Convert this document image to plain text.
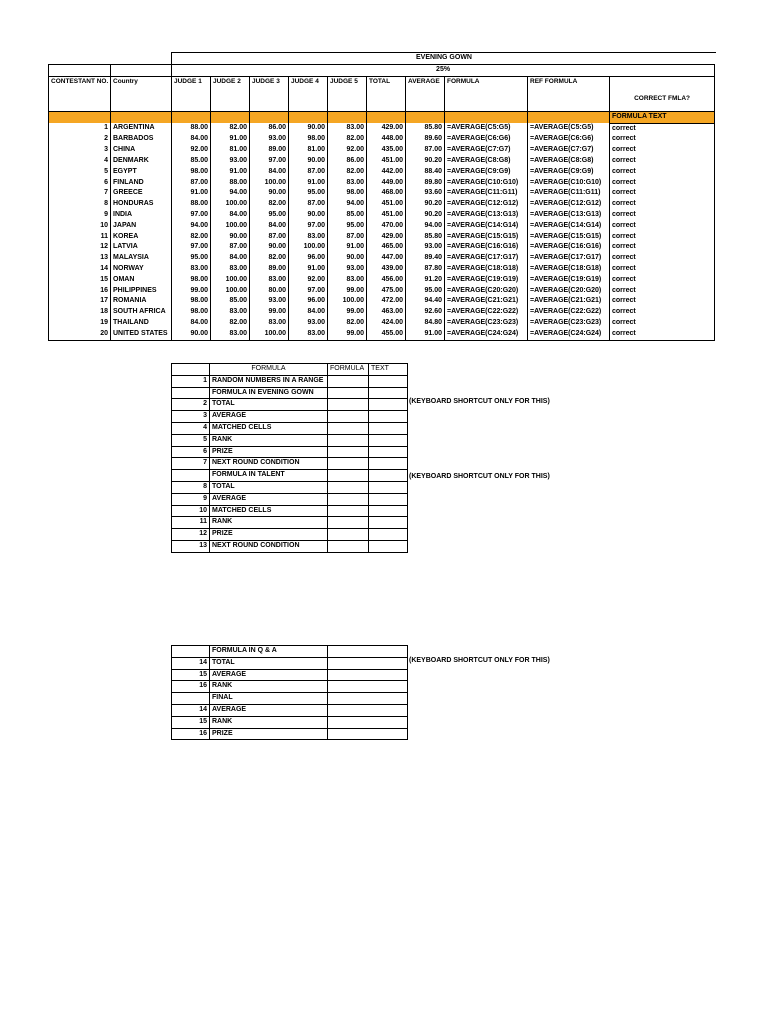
EVENING GOWN
		25%									
CONTESTANT NO.	Country	JUDGE 1	JUDGE 2	JUDGE 3	JUDGE 4	JUDGE 5	TOTAL	AVERAGE	FORMULA	REF FORMULA	CORRECT FMLA?
											FORMULA TEXT
1	ARGENTINA	88.00	82.00	86.00	90.00	83.00	429.00	85.80	=AVERAGE(C5:G5)	=AVERAGE(C5:G5)	correct
2	BARBADOS	84.00	91.00	93.00	98.00	82.00	448.00	89.60	=AVERAGE(C6:G6)	=AVERAGE(C6:G6)	correct
3	CHINA	92.00	81.00	89.00	81.00	92.00	435.00	87.00	=AVERAGE(C7:G7)	=AVERAGE(C7:G7)	correct
4	DENMARK	85.00	93.00	97.00	90.00	86.00	451.00	90.20	=AVERAGE(C8:G8)	=AVERAGE(C8:G8)	correct
5	EGYPT	98.00	91.00	84.00	87.00	82.00	442.00	88.40	=AVERAGE(C9:G9)	=AVERAGE(C9:G9)	correct
6	FINLAND	87.00	88.00	100.00	91.00	83.00	449.00	89.80	=AVERAGE(C10:G10)	=AVERAGE(C10:G10)	correct
7	GREECE	91.00	94.00	90.00	95.00	98.00	468.00	93.60	=AVERAGE(C11:G11)	=AVERAGE(C11:G11)	correct
8	HONDURAS	88.00	100.00	82.00	87.00	94.00	451.00	90.20	=AVERAGE(C12:G12)	=AVERAGE(C12:G12)	correct
9	INDIA	97.00	84.00	95.00	90.00	85.00	451.00	90.20	=AVERAGE(C13:G13)	=AVERAGE(C13:G13)	correct
10	JAPAN	94.00	100.00	84.00	97.00	95.00	470.00	94.00	=AVERAGE(C14:G14)	=AVERAGE(C14:G14)	correct
11	KOREA	82.00	90.00	87.00	83.00	87.00	429.00	85.80	=AVERAGE(C15:G15)	=AVERAGE(C15:G15)	correct
12	LATVIA	97.00	87.00	90.00	100.00	91.00	465.00	93.00	=AVERAGE(C16:G16)	=AVERAGE(C16:G16)	correct
13	MALAYSIA	95.00	84.00	82.00	96.00	90.00	447.00	89.40	=AVERAGE(C17:G17)	=AVERAGE(C17:G17)	correct
14	NORWAY	83.00	83.00	89.00	91.00	93.00	439.00	87.80	=AVERAGE(C18:G18)	=AVERAGE(C18:G18)	correct
15	OMAN	98.00	100.00	83.00	92.00	83.00	456.00	91.20	=AVERAGE(C19:G19)	=AVERAGE(C19:G19)	correct
16	PHILIPPINES	99.00	100.00	80.00	97.00	99.00	475.00	95.00	=AVERAGE(C20:G20)	=AVERAGE(C20:G20)	correct
17	ROMANIA	98.00	85.00	93.00	96.00	100.00	472.00	94.40	=AVERAGE(C21:G21)	=AVERAGE(C21:G21)	correct
18	SOUTH AFRICA	98.00	83.00	99.00	84.00	99.00	463.00	92.60	=AVERAGE(C22:G22)	=AVERAGE(C22:G22)	correct
19	THAILAND	84.00	82.00	83.00	93.00	82.00	424.00	84.80	=AVERAGE(C23:G23)	=AVERAGE(C23:G23)	correct
20	UNITED STATES	90.00	83.00	100.00	83.00	99.00	455.00	91.00	=AVERAGE(C24:G24)	=AVERAGE(C24:G24)	correct
	FORMULA	FORMULA	TEXT
1	RANDOM NUMBERS IN A RANGE		
	FORMULA IN EVENING GOWN		
2	TOTAL		
3	AVERAGE		
4	MATCHED CELLS		
5	RANK		
6	PRIZE		
7	NEXT ROUND CONDITION		
	FORMULA IN TALENT		
8	TOTAL		
9	AVERAGE		
10	MATCHED CELLS		
11	RANK		
12	PRIZE		
13	NEXT ROUND CONDITION		
(KEYBOARD SHORTCUT ONLY FOR THIS)
(KEYBOARD SHORTCUT ONLY FOR THIS)
	FORMULA IN Q & A	
14	TOTAL	
15	AVERAGE	
16	RANK	
	FINAL	
14	AVERAGE	
15	RANK	
16	PRIZE	
(KEYBOARD SHORTCUT ONLY FOR THIS)
